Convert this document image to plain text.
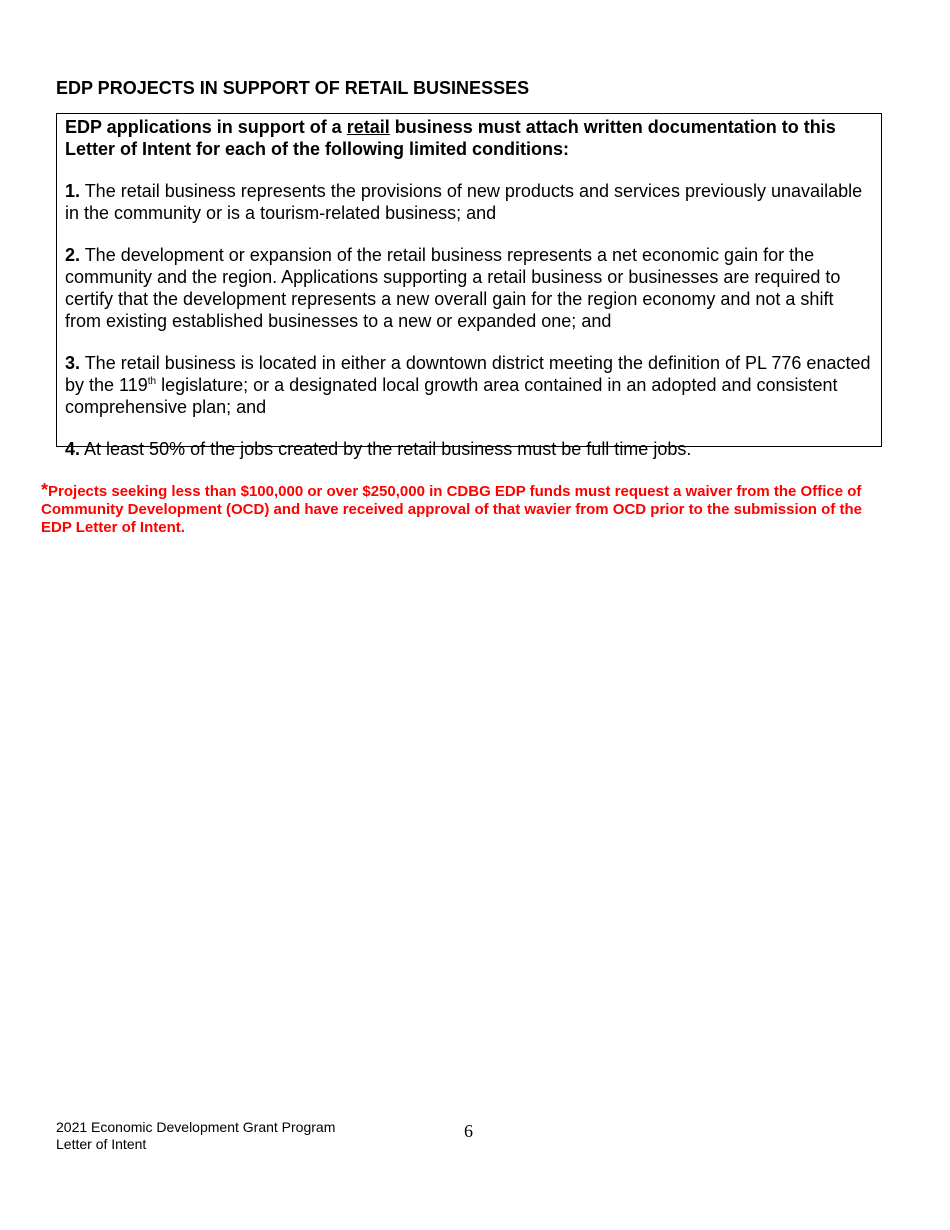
EDP PROJECTS IN SUPPORT OF RETAIL BUSINESSES

EDP applications in support of a retail business must attach written documentation to this Letter of Intent for each of the following limited conditions:

1. The retail business represents the provisions of new products and services previously unavailable in the community or is a tourism-related business; and

2. The development or expansion of the retail business represents a net economic gain for the community and the region. Applications supporting a retail business or businesses are required to certify that the development represents a new overall gain for the region economy and not a shift from existing established businesses to a new or expanded one; and

3. The retail business is located in either a downtown district meeting the definition of PL 776 enacted by the 119th legislature; or a designated local growth area contained in an adopted and consistent comprehensive plan; and

4. At least 50% of the jobs created by the retail business must be full time jobs.

*Projects seeking less than $100,000 or over $250,000 in CDBG EDP funds must request a waiver from the Office of Community Development (OCD) and have received approval of that wavier from OCD prior to the submission of the EDP Letter of Intent.

2021 Economic Development Grant Program
Letter of Intent
6
